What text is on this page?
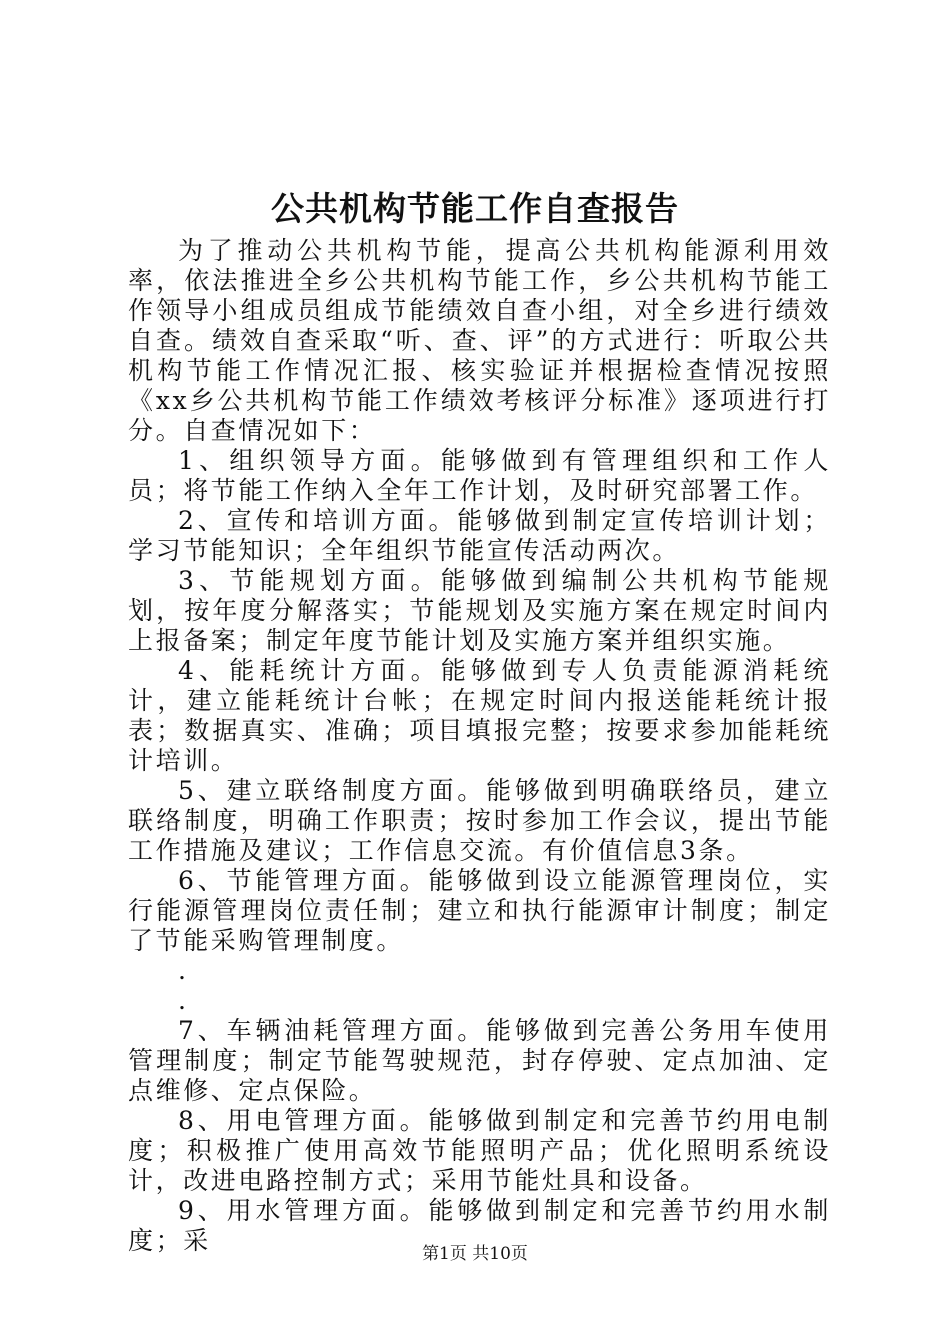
公共机构节能工作自查报告

为了推动公共机构节能，提高公共机构能源利用效率，依法推进全乡公共机构节能工作，乡公共机构节能工作领导小组成员组成节能绩效自查小组，对全乡进行绩效自查。绩效自查采取“听、查、评”的方式进行：听取公共机构节能工作情况汇报、核实验证并根据检查情况按照《xx乡公共机构节能工作绩效考核评分标准》逐项进行打分。自查情况如下：

1、组织领导方面。能够做到有管理组织和工作人员；将节能工作纳入全年工作计划，及时研究部署工作。

2、宣传和培训方面。能够做到制定宣传培训计划；学习节能知识；全年组织节能宣传活动两次。

3、节能规划方面。能够做到编制公共机构节能规划，按年度分解落实；节能规划及实施方案在规定时间内上报备案；制定年度节能计划及实施方案并组织实施。

4、能耗统计方面。能够做到专人负责能源消耗统计，建立能耗统计台帐；在规定时间内报送能耗统计报表；数据真实、准确；项目填报完整；按要求参加能耗统计培训。

5、建立联络制度方面。能够做到明确联络员，建立联络制度，明确工作职责；按时参加工作会议，提出节能工作措施及建议；工作信息交流。有价值信息3条。

6、节能管理方面。能够做到设立能源管理岗位，实行能源管理岗位责任制；建立和执行能源审计制度；制定了节能采购管理制度。

.

.

7、车辆油耗管理方面。能够做到完善公务用车使用管理制度；制定节能驾驶规范，封存停驶、定点加油、定点维修、定点保险。

8、用电管理方面。能够做到制定和完善节约用电制度；积极推广使用高效节能照明产品；优化照明系统设计，改进电路控制方式；采用节能灶具和设备。

9、用水管理方面。能够做到制定和完善节约用水制度；采	第1页 共10页
